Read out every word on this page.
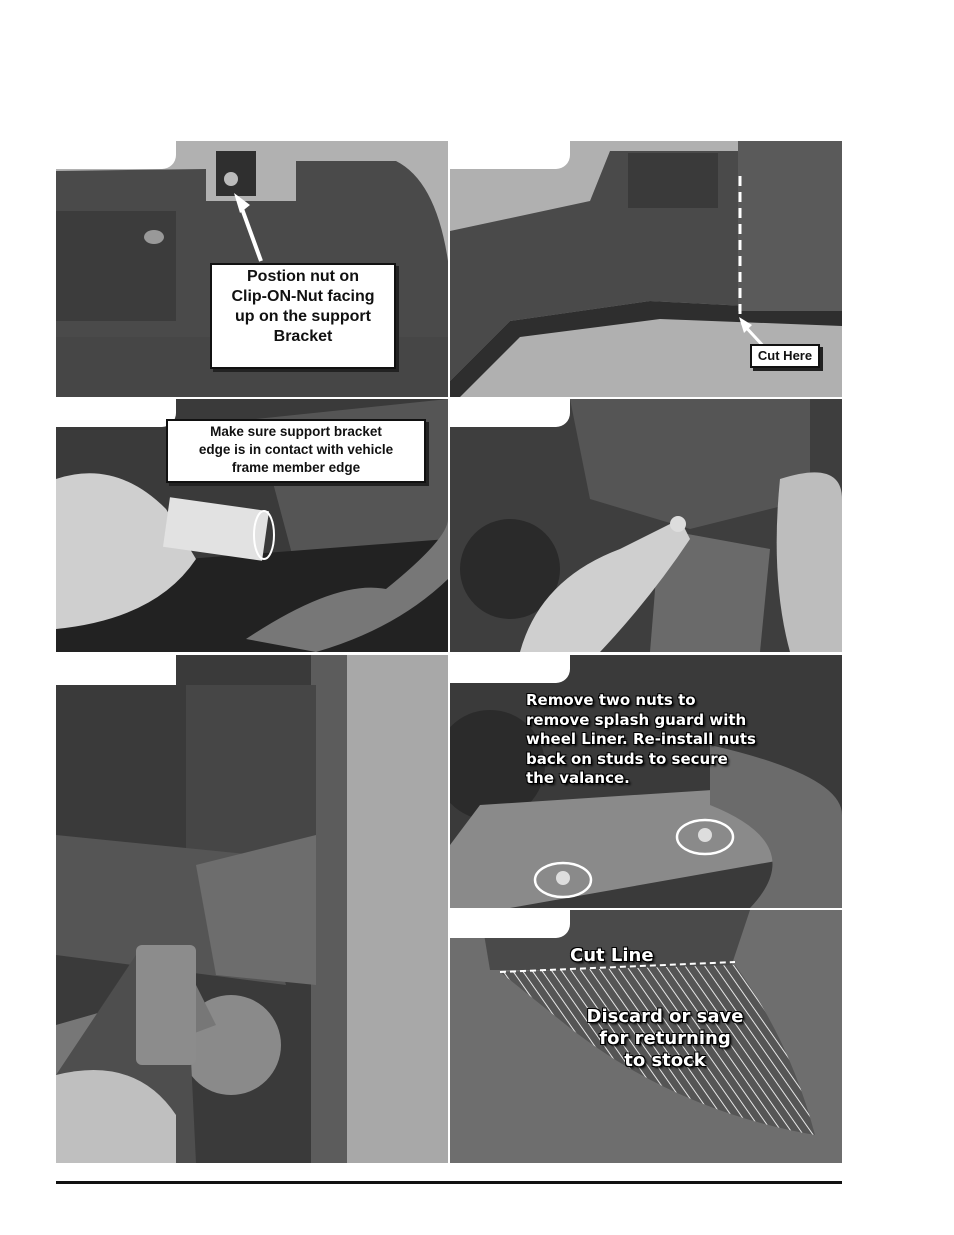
Postion nut on
Clip-ON-Nut facing
up on the support
Bracket
Cut Here
Make sure support bracket
edge is in contact with vehicle
frame member edge
Remove two nuts to
remove splash guard with
wheel Liner. Re-install nuts
back on studs to secure
the valance.
Cut Line
Discard or save
for returning
to stock
